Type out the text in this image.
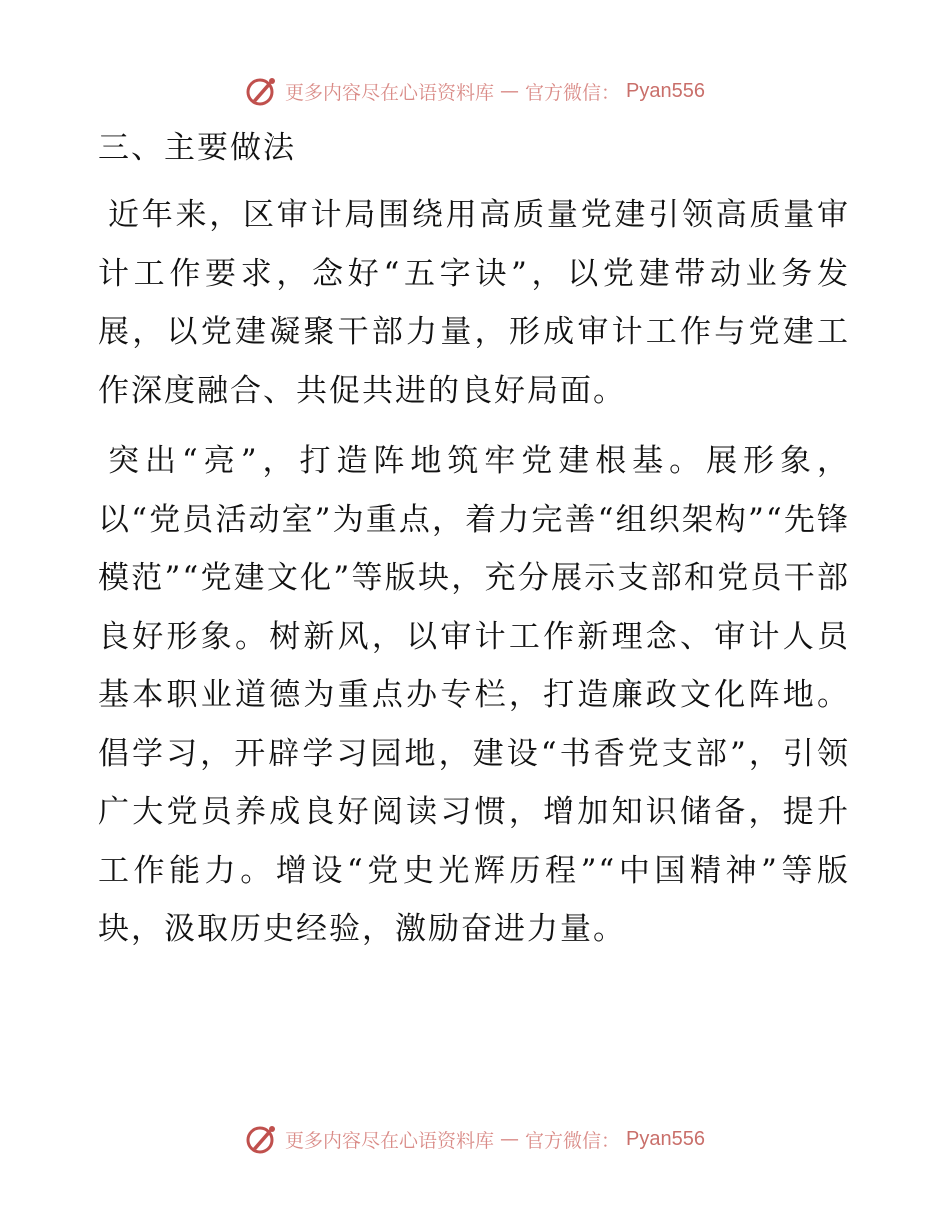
更多内容尽在心语资料库 — 官方微信： Pyan556
三、主要做法

近年来，区审计局围绕用高质量党建引领高质量审计工作要求，念好“五字诀”，以党建带动业务发展，以党建凝聚干部力量，形成审计工作与党建工作深度融合、共促共进的良好局面。

突出“亮”，打造阵地筑牢党建根基。展形象，以“党员活动室”为重点，着力完善“组织架构”“先锋模范”“党建文化”等版块，充分展示支部和党员干部良好形象。树新风，以审计工作新理念、审计人员基本职业道德为重点办专栏，打造廉政文化阵地。倡学习，开辟学习园地，建设“书香党支部”，引领广大党员养成良好阅读习惯，增加知识储备，提升工作能力。增设“党史光辉历程”“中国精神”等版块，汲取历史经验，激励奋进力量。

更多内容尽在心语资料库 — 官方微信： Pyan556
